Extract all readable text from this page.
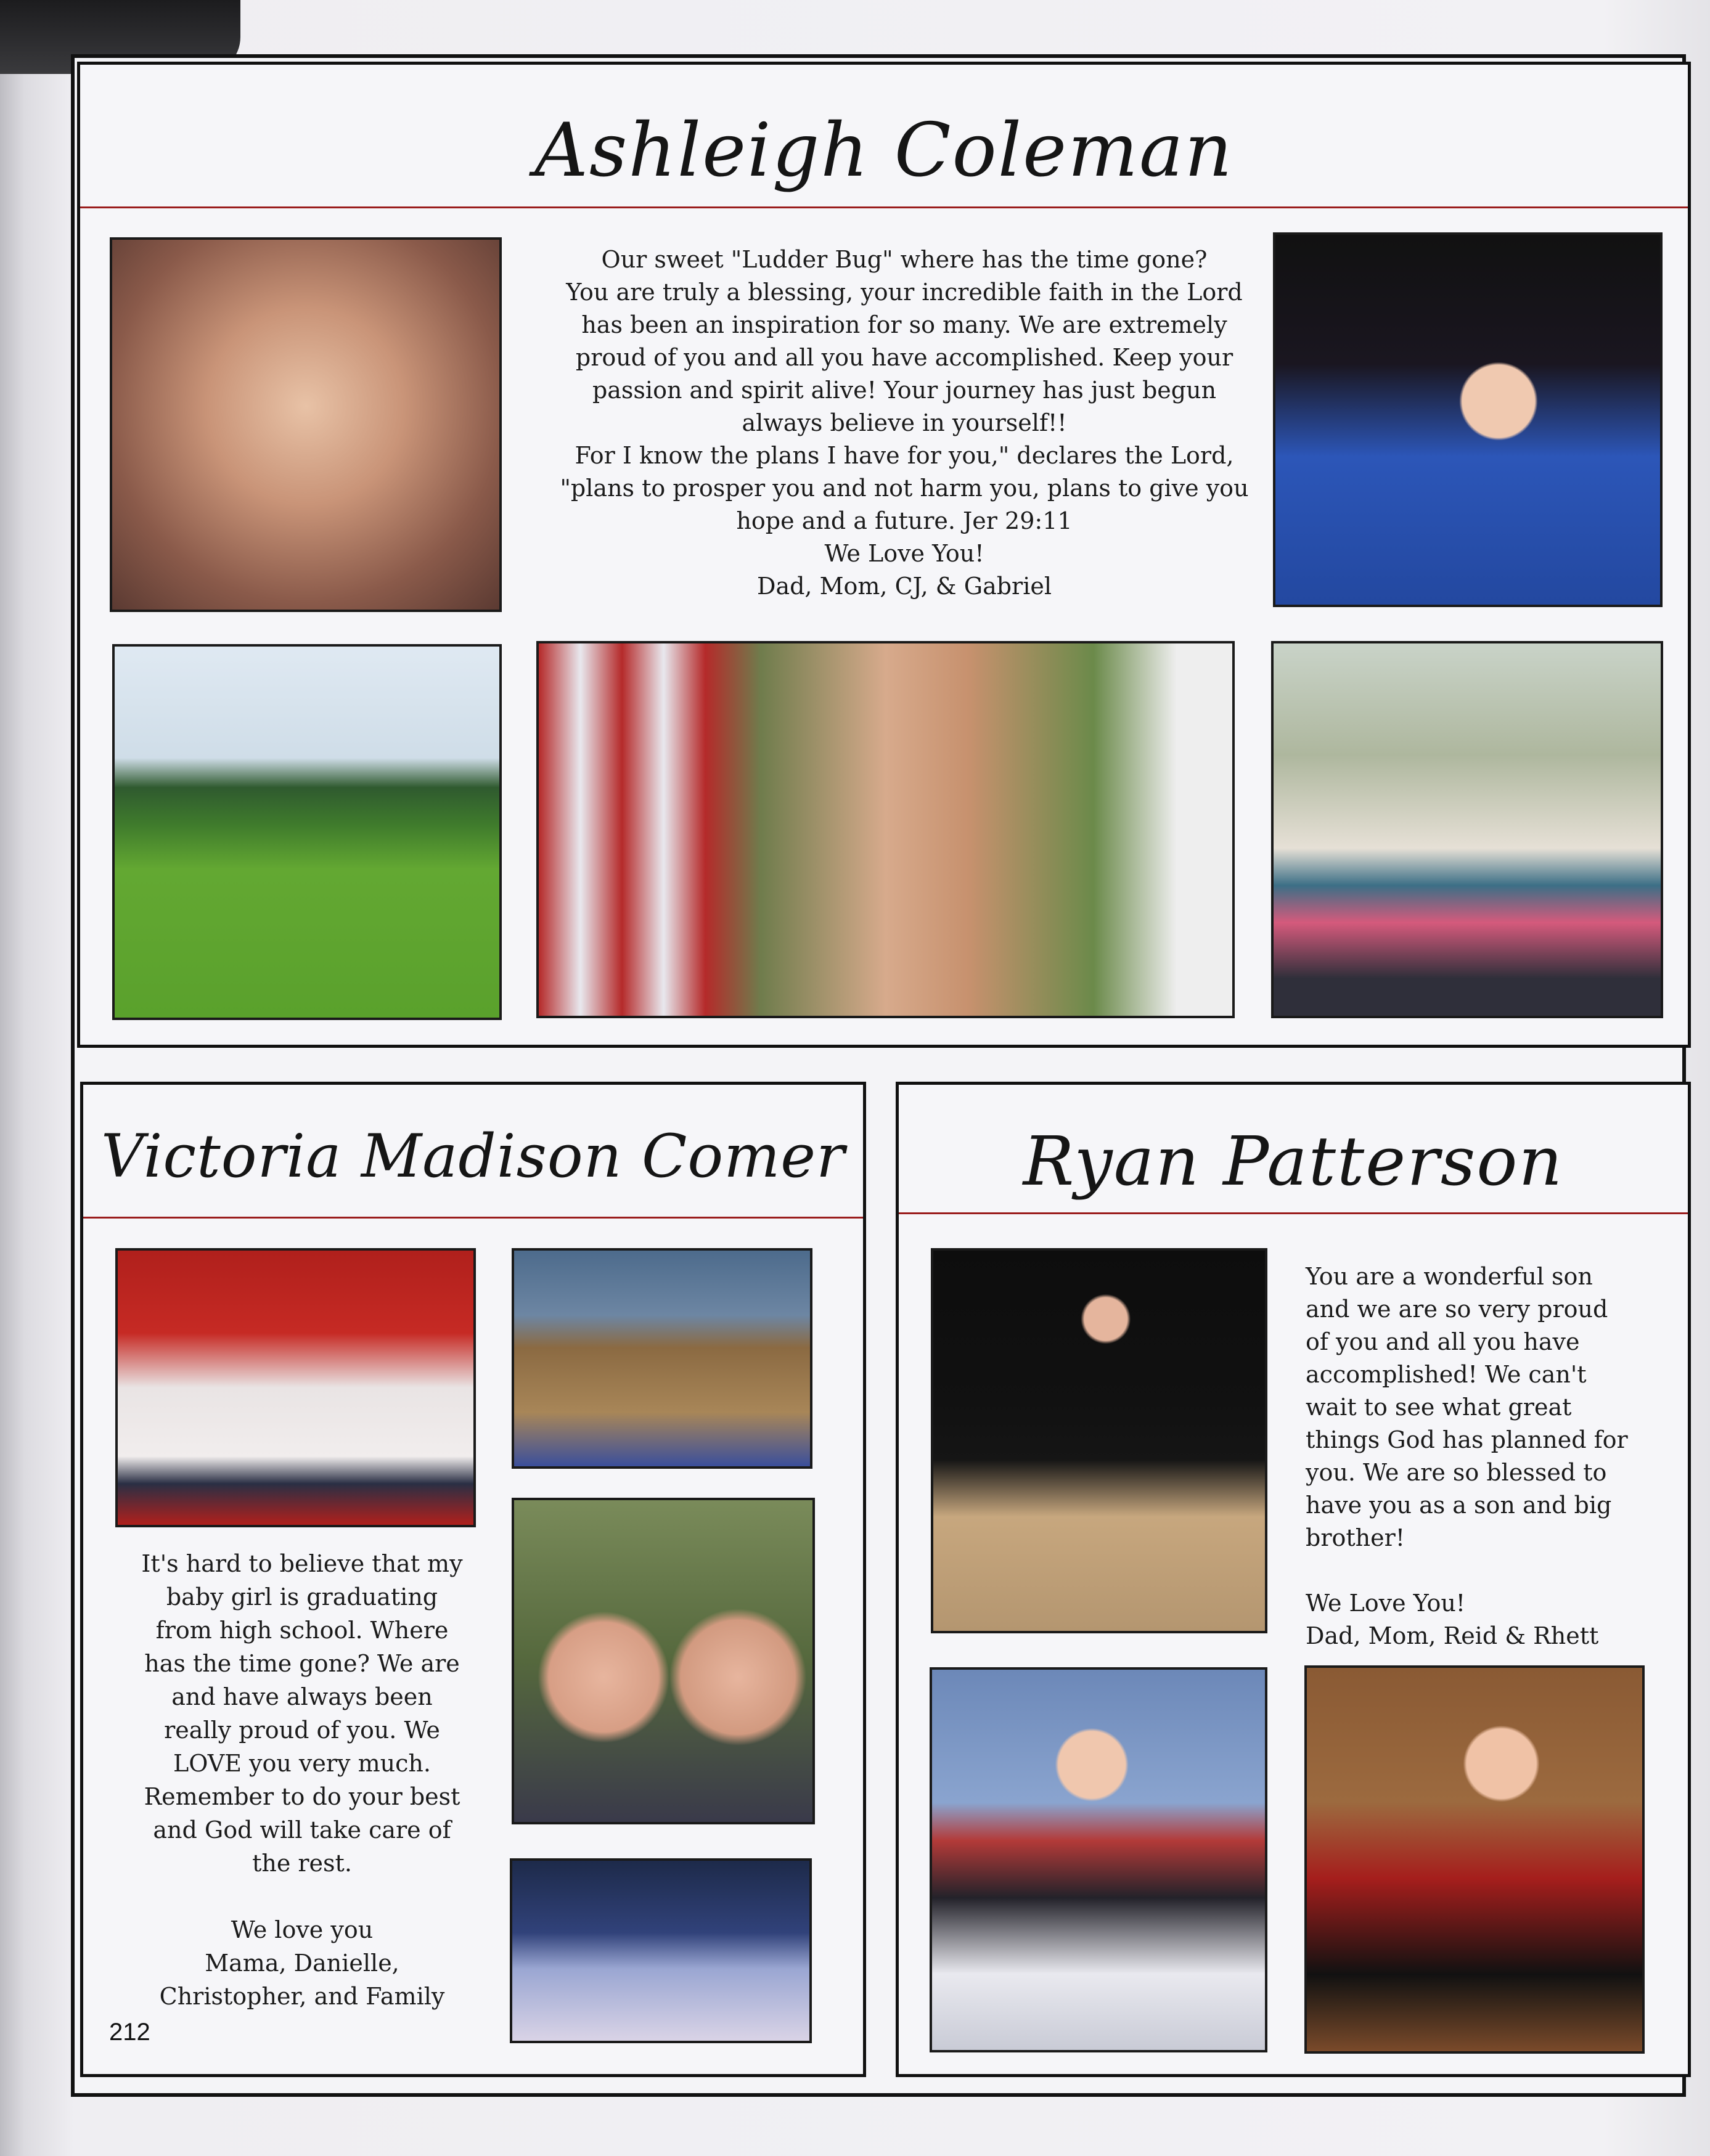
Ashleigh Coleman
Our sweet "Ludder Bug" where has the time gone?
You are truly a blessing, your incredible faith in the Lord
has been an inspiration for so many. We are extremely
proud of you and all you have accomplished. Keep your
passion and spirit alive! Your journey has just begun
always believe in yourself!!
For I know the plans I have for you," declares the Lord,
"plans to prosper you and not harm you, plans to give you
hope and a future. Jer 29:11
We Love You!
Dad, Mom, CJ, & Gabriel
Victoria Madison Comer
It's hard to believe that my
baby girl is graduating
from high school. Where
has the time gone? We are
and have always been
really proud of you. We
LOVE you very much.
Remember to do your best
and God will take care of
the rest.

We love you
Mama, Danielle,
Christopher, and Family
212
Ryan Patterson
You are a wonderful son
and we are so very proud
of you and all you have
accomplished! We can't
wait to see what great
things God has planned for
you. We are so blessed to
have you as a son and big
brother!

We Love You!
Dad, Mom, Reid & Rhett
